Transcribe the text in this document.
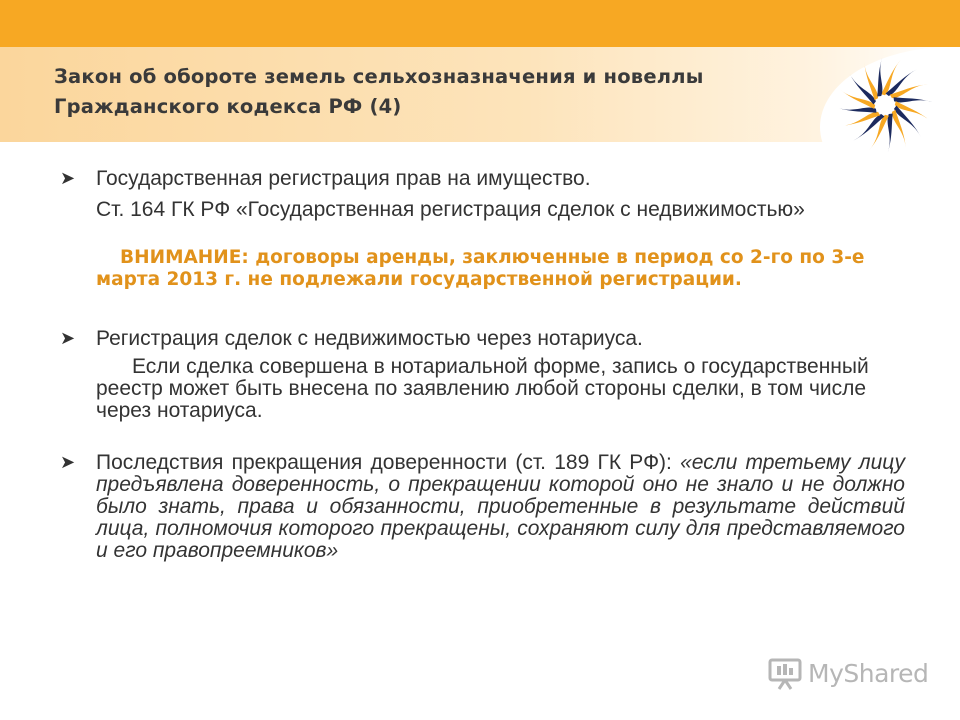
Закон об обороте земель сельхозназначения и новеллы
Гражданского кодекса РФ (4)
➤ Государственная регистрация прав на имущество.
Ст. 164 ГК РФ «Государственная регистрация сделок с недвижимостью»
ВНИМАНИЕ: договоры аренды, заключенные в период со 2-го по 3-е марта 2013 г. не подлежали государственной регистрации.
➤ Регистрация сделок с недвижимостью через нотариуса.
Если сделка совершена в нотариальной форме, запись о государственный реестр может быть внесена по заявлению любой стороны сделки, в том числе через нотариуса.
➤ Последствия прекращения доверенности (ст. 189 ГК РФ): «если третьему лицу предъявлена доверенность, о прекращении которой оно не знало и не должно было знать, права и обязанности, приобретенные в результате действий лица, полномочия которого прекращены, сохраняют силу для представляемого и его правопреемников»
MyShared
